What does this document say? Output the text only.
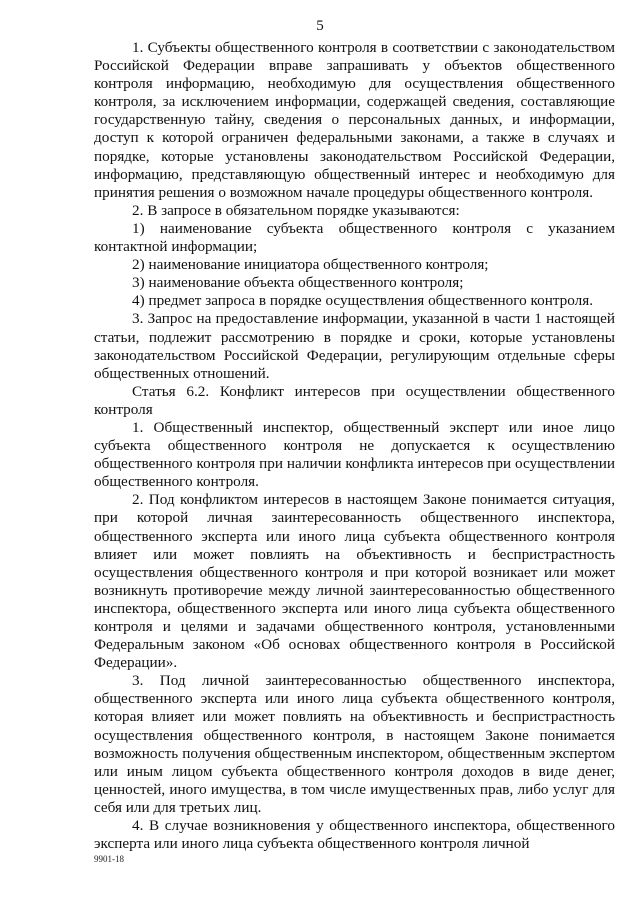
5

1. Субъекты общественного контроля в соответствии с законодательством Российской Федерации вправе запрашивать у объектов общественного контроля информацию, необходимую для осуществления общественного контроля, за исключением информации, содержащей сведения, составляющие государственную тайну, сведения о персональных данных, и информации, доступ к которой ограничен федеральными законами, а также в случаях и порядке, которые установлены законодательством Российской Федерации, информацию, представляющую общественный интерес и необходимую для принятия решения о возможном начале процедуры общественного контроля.

2. В запросе в обязательном порядке указываются:

1) наименование субъекта общественного контроля с указанием контактной информации;

2) наименование инициатора общественного контроля;

3) наименование объекта общественного контроля;

4) предмет запроса в порядке осуществления общественного контроля.

3. Запрос на предоставление информации, указанной в части 1 настоящей статьи, подлежит рассмотрению в порядке и сроки, которые установлены законодательством Российской Федерации, регулирующим отдельные сферы общественных отношений.

Статья 6.2. Конфликт интересов при осуществлении общественного контроля

1. Общественный инспектор, общественный эксперт или иное лицо субъекта общественного контроля не допускается к осуществлению общественного контроля при наличии конфликта интересов при осуществлении общественного контроля.

2. Под конфликтом интересов в настоящем Законе понимается ситуация, при которой личная заинтересованность общественного инспектора, общественного эксперта или иного лица субъекта общественного контроля влияет или может повлиять на объективность и беспристрастность осуществления общественного контроля и при которой возникает или может возникнуть противоречие между личной заинтересованностью общественного инспектора, общественного эксперта или иного лица субъекта общественного контроля и целями и задачами общественного контроля, установленными Федеральным законом «Об основах общественного контроля в Российской Федерации».

3. Под личной заинтересованностью общественного инспектора, общественного эксперта или иного лица субъекта общественного контроля, которая влияет или может повлиять на объективность и беспристрастность осуществления общественного контроля, в настоящем Законе понимается возможность получения общественным инспектором, общественным экспертом или иным лицом субъекта общественного контроля доходов в виде денег, ценностей, иного имущества, в том числе имущественных прав, либо услуг для себя или для третьих лиц.

4. В случае возникновения у общественного инспектора, общественного эксперта или иного лица субъекта общественного контроля личной

9901-18
